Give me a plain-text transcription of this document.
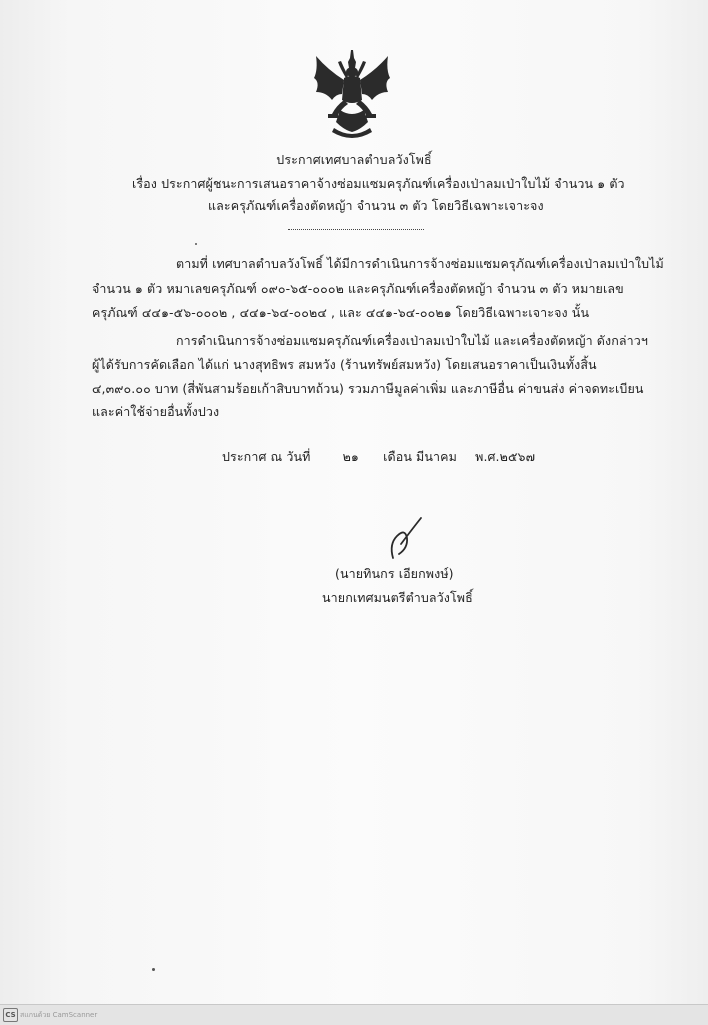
ประกาศเทศบาลตำบลวังโพธิ์
เรื่อง ประกาศผู้ชนะการเสนอราคาจ้างซ่อมแซมครุภัณฑ์เครื่องเป่าลมเป่าใบไม้ จำนวน ๑ ตัว
และครุภัณฑ์เครื่องตัดหญ้า จำนวน ๓ ตัว โดยวิธีเฉพาะเจาะจง
ตามที่ เทศบาลตำบลวังโพธิ์ ได้มีการดำเนินการจ้างซ่อมแซมครุภัณฑ์เครื่องเป่าลมเป่าใบไม้
จำนวน ๑ ตัว หมาเลขครุภัณฑ์ ๐๙๐-๖๕-๐๐๐๒ และครุภัณฑ์เครื่องตัดหญ้า จำนวน ๓ ตัว หมายเลข
ครุภัณฑ์ ๔๔๑-๕๖-๐๐๐๒ , ๔๔๑-๖๔-๐๐๒๔ , และ ๔๔๑-๖๔-๐๐๒๑ โดยวิธีเฉพาะเจาะจง นั้น
การดำเนินการจ้างซ่อมแซมครุภัณฑ์เครื่องเป่าลมเป่าใบไม้ และเครื่องตัดหญ้า ดังกล่าวฯ
ผู้ได้รับการคัดเลือก ได้แก่ นางสุทธิพร สมหวัง (ร้านทรัพย์สมหวัง) โดยเสนอราคาเป็นเงินทั้งสิ้น
๔,๓๙๐.๐๐ บาท (สี่พันสามร้อยเก้าสิบบาทถ้วน) รวมภาษีมูลค่าเพิ่ม และภาษีอื่น ค่าขนส่ง ค่าจดทะเบียน
และค่าใช้จ่ายอื่นทั้งปวง
ประกาศ ณ วันที่	๒๑ เดือน มีนาคม พ.ศ.๒๕๖๗
(นายทินกร เอียกพงษ์)
นายกเทศมนตรีตำบลวังโพธิ์
CS สแกนด้วย CamScanner
